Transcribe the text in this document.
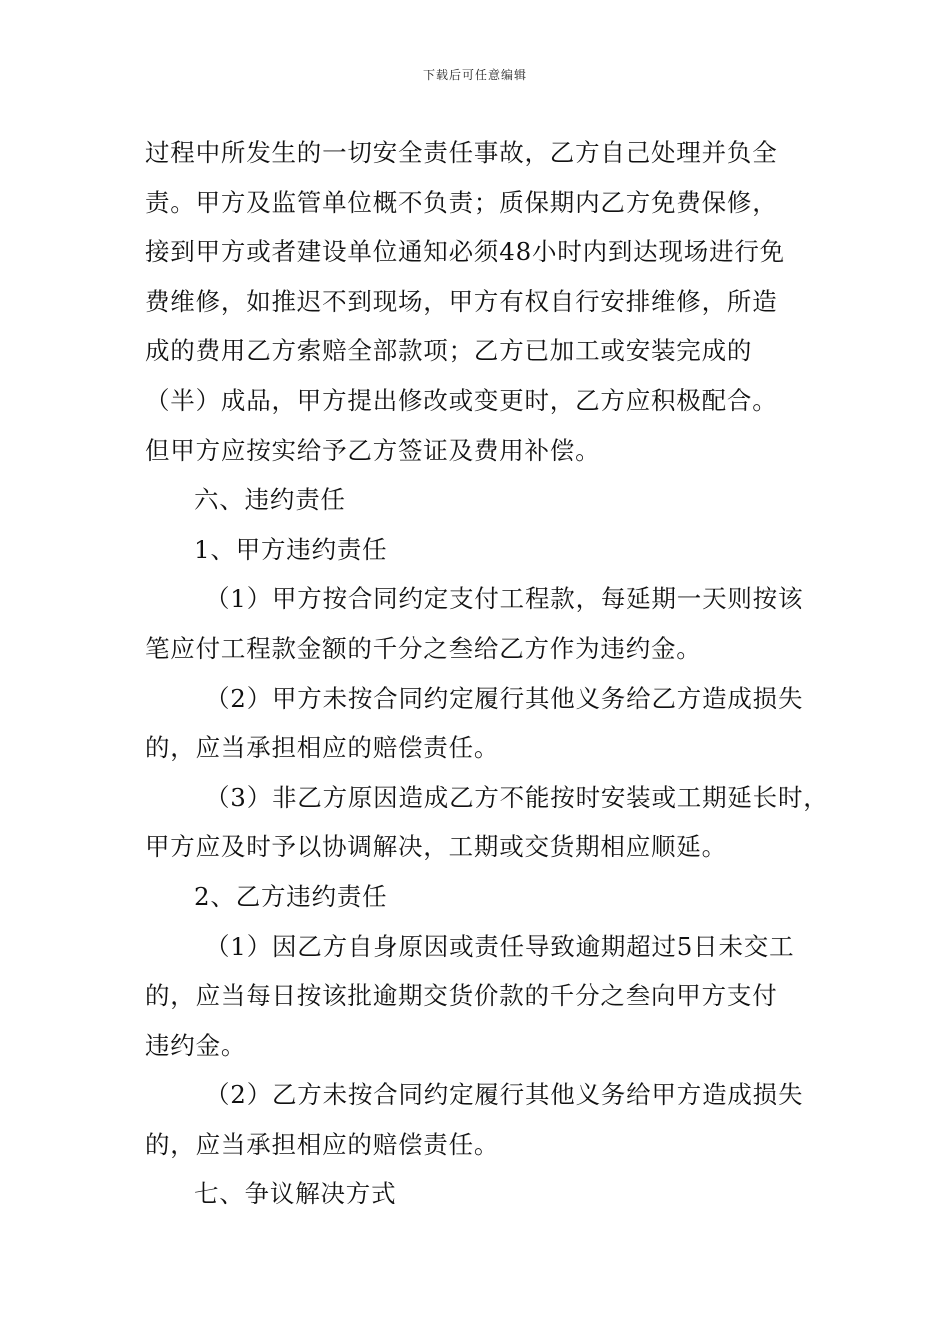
下载后可任意编辑
过程中所发生的一切安全责任事故，乙方自己处理并负全
责。甲方及监管单位概不负责；质保期内乙方免费保修，
接到甲方或者建设单位通知必须48小时内到达现场进行免
费维修，如推迟不到现场，甲方有权自行安排维修，所造
成的费用乙方索赔全部款项；乙方已加工或安装完成的
（半）成品，甲方提出修改或变更时，乙方应积极配合。
但甲方应按实给予乙方签证及费用补偿。
六、违约责任
1、甲方违约责任
（1）甲方按合同约定支付工程款，每延期一天则按该
笔应付工程款金额的千分之叁给乙方作为违约金。
（2）甲方未按合同约定履行其他义务给乙方造成损失
的，应当承担相应的赔偿责任。
（3）非乙方原因造成乙方不能按时安装或工期延长时，
甲方应及时予以协调解决，工期或交货期相应顺延。
2、乙方违约责任
（1）因乙方自身原因或责任导致逾期超过5日未交工
的，应当每日按该批逾期交货价款的千分之叁向甲方支付
违约金。
（2）乙方未按合同约定履行其他义务给甲方造成损失
的，应当承担相应的赔偿责任。
七、争议解决方式
